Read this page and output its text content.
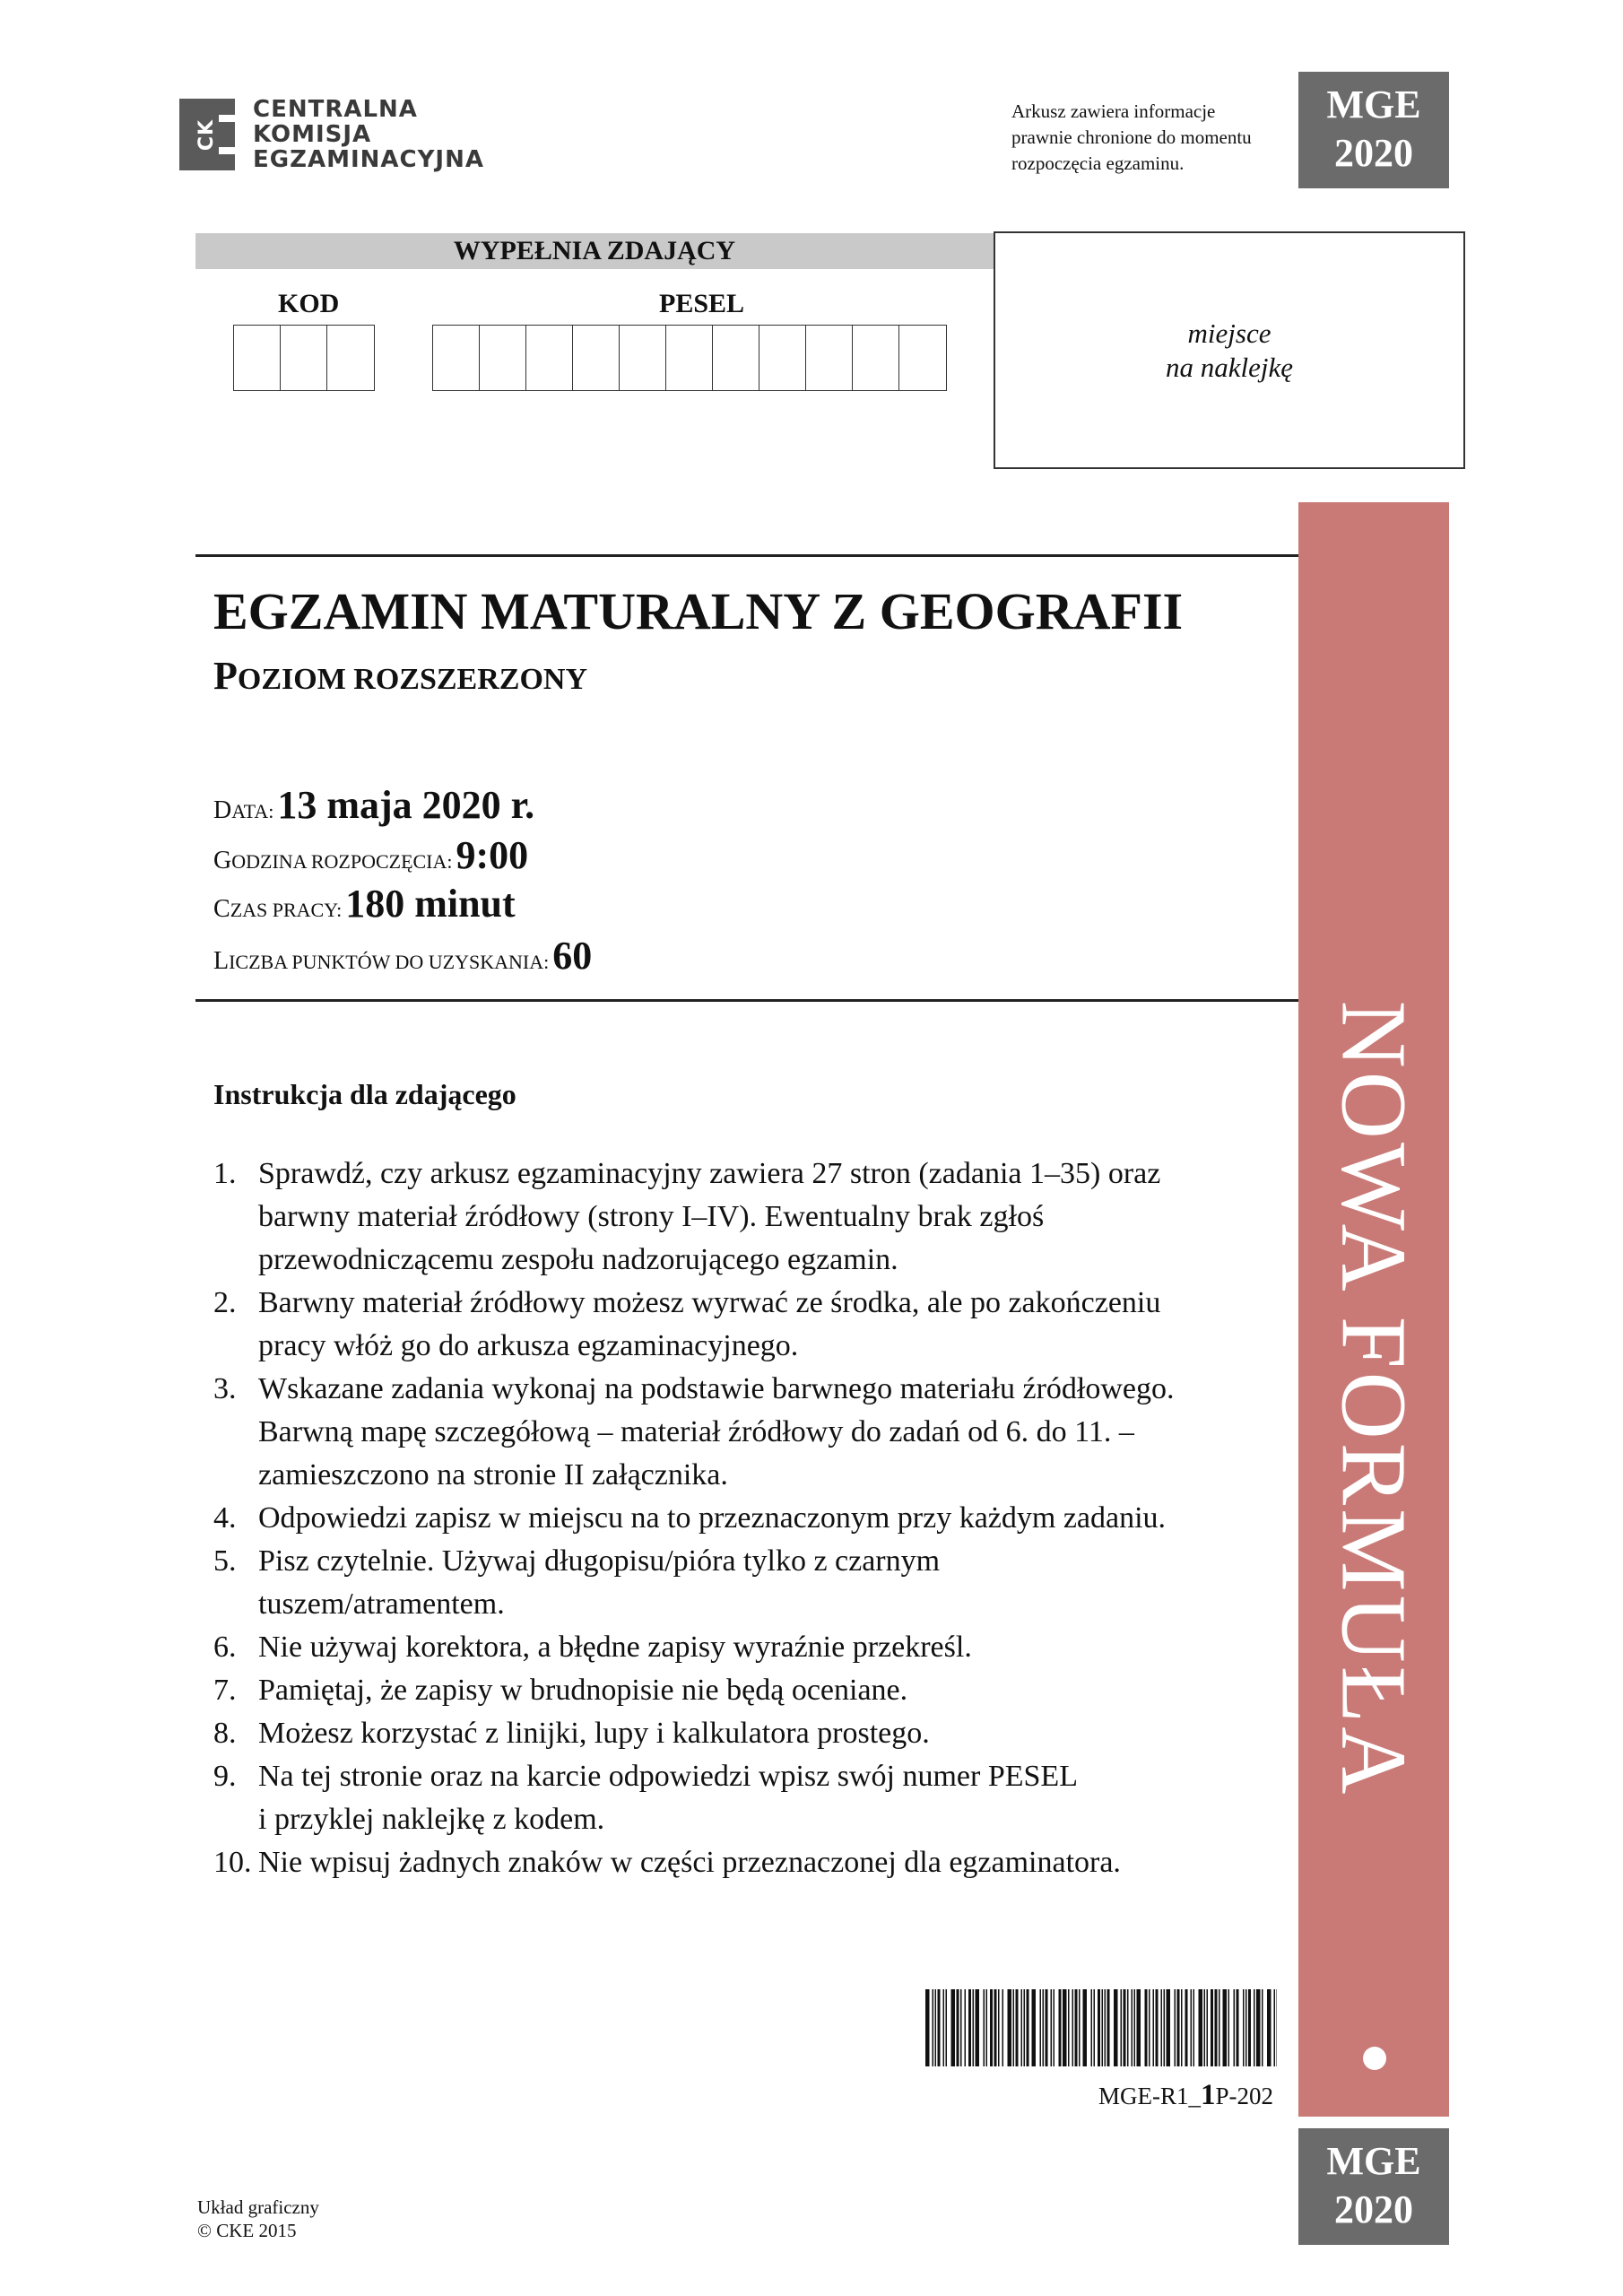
CK
CENTRALNA
KOMISJA
EGZAMINACYJNA
Arkusz zawiera informacje
prawnie chronione do momentu
rozpoczęcia egzaminu.
MGE
2020
WYPEŁNIA ZDAJĄCY
KOD	PESEL
miejsce
na naklejkę
NOWA FORMUŁA
EGZAMIN MATURALNY Z GEOGRAFII
POZIOM ROZSZERZONY
DATA: 13 maja 2020 r.
GODZINA ROZPOCZĘCIA: 9:00
CZAS PRACY: 180 minut
LICZBA PUNKTÓW DO UZYSKANIA: 60
Instrukcja dla zdającego
1. Sprawdź, czy arkusz egzaminacyjny zawiera 27 stron (zadania 1–35) oraz
barwny materiał źródłowy (strony I–IV). Ewentualny brak zgłoś
przewodniczącemu zespołu nadzorującego egzamin.
2. Barwny materiał źródłowy możesz wyrwać ze środka, ale po zakończeniu
pracy włóż go do arkusza egzaminacyjnego.
3. Wskazane zadania wykonaj na podstawie barwnego materiału źródłowego.
Barwną mapę szczegółową – materiał źródłowy do zadań od 6. do 11. –
zamieszczono na stronie II załącznika.
4. Odpowiedzi zapisz w miejscu na to przeznaczonym przy każdym zadaniu.
5. Pisz czytelnie. Używaj długopisu/pióra tylko z czarnym
tuszem/atramentem.
6. Nie używaj korektora, a błędne zapisy wyraźnie przekreśl.
7. Pamiętaj, że zapisy w brudnopisie nie będą oceniane.
8. Możesz korzystać z linijki, lupy i kalkulatora prostego.
9. Na tej stronie oraz na karcie odpowiedzi wpisz swój numer PESEL
i przyklej naklejkę z kodem.
10. Nie wpisuj żadnych znaków w części przeznaczonej dla egzaminatora.
MGE-R1_1P-202
MGE
2020
Układ graficzny
© CKE 2015
